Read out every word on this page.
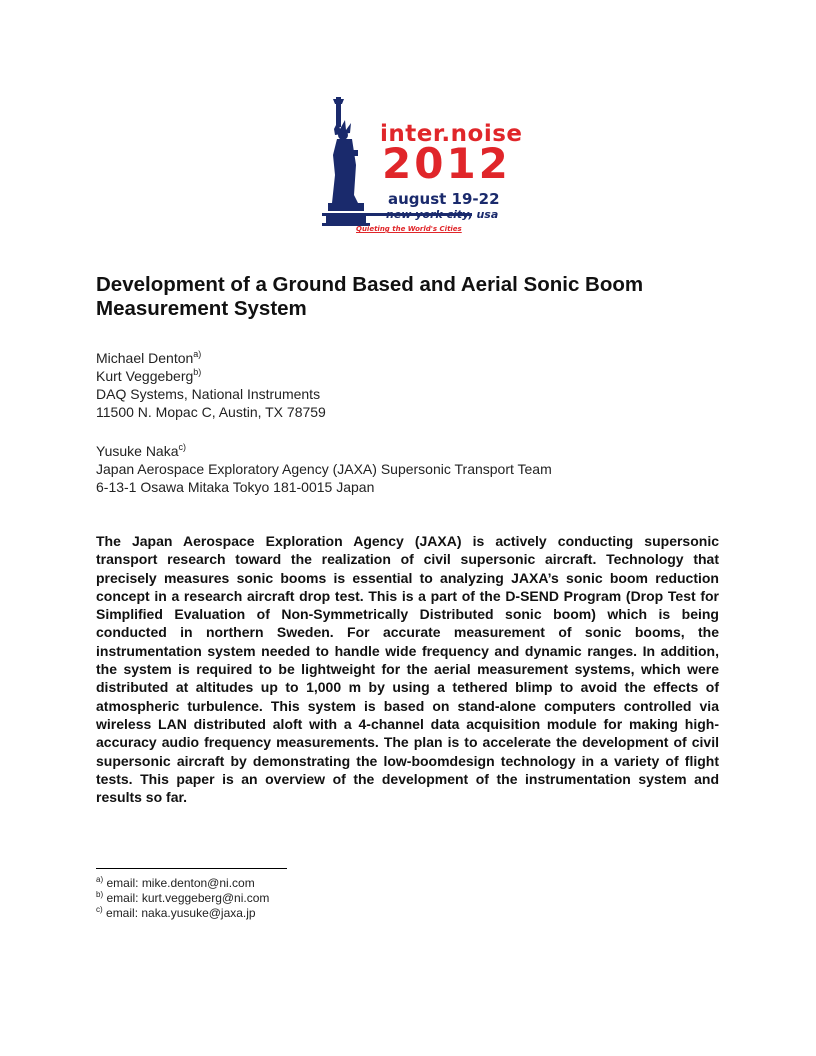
inter.noise
2012
august 19-22
new york city, usa
Quieting the World's Cities
Development of a Ground Based and Aerial Sonic Boom Measurement System
Michael Denton$^{a)}$
Kurt Veggeberg$^{b)}$
DAQ Systems, National Instruments
11500 N. Mopac C, Austin, TX 78759
Yusuke Naka$^{c)}$
Japan Aerospace Exploratory Agency (JAXA) Supersonic Transport Team
6-13-1 Osawa Mitaka Tokyo 181-0015 Japan

The Japan Aerospace Exploration Agency (JAXA) is actively conducting supersonic transport research toward the realization of civil supersonic aircraft. Technology that precisely measures sonic booms is essential to analyzing JAXA’s sonic boom reduction concept in a research aircraft drop test. This is a part of the D-SEND Program (Drop Test for Simplified Evaluation of Non-Symmetrically Distributed sonic boom) which is being conducted in northern Sweden. For accurate measurement of sonic booms, the instrumentation system needed to handle wide frequency and dynamic ranges. In addition, the system is required to be lightweight for the aerial measurement systems, which were distributed at altitudes up to 1,000 m by using a tethered blimp to avoid the effects of atmospheric turbulence. This system is based on stand-alone computers controlled via wireless LAN distributed aloft with a 4-channel data acquisition module for making high-accuracy audio frequency measurements. The plan is to accelerate the development of civil supersonic aircraft by demonstrating the low-boomdesign technology in a variety of flight tests. This paper is an overview of the development of the instrumentation system and results so far.

$^{a)}$ email: mike.denton@ni.com
$^{b)}$ email: kurt.veggeberg@ni.com
$^{c)}$ email: naka.yusuke@jaxa.jp
